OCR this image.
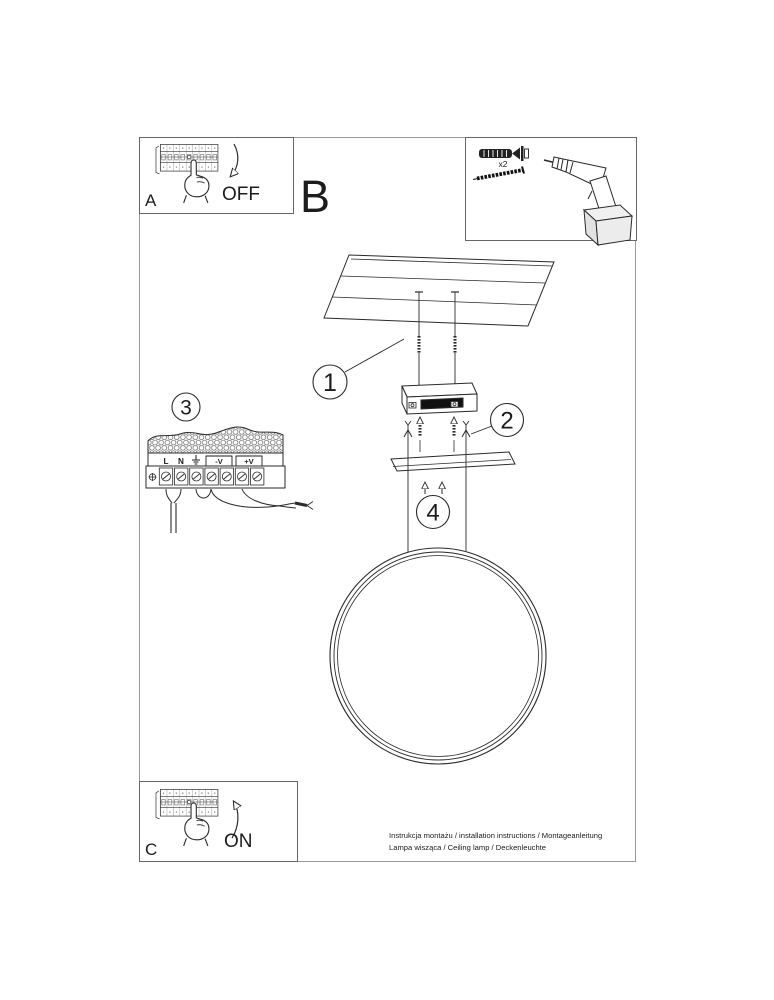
OFF
A	B
x2
1
2
4
3
L N	-V	+V
ON
C
Instrukcja montażu / installation instructions / Montageanleitung
Lampa wisząca / Ceiling lamp / Deckenleuchte
